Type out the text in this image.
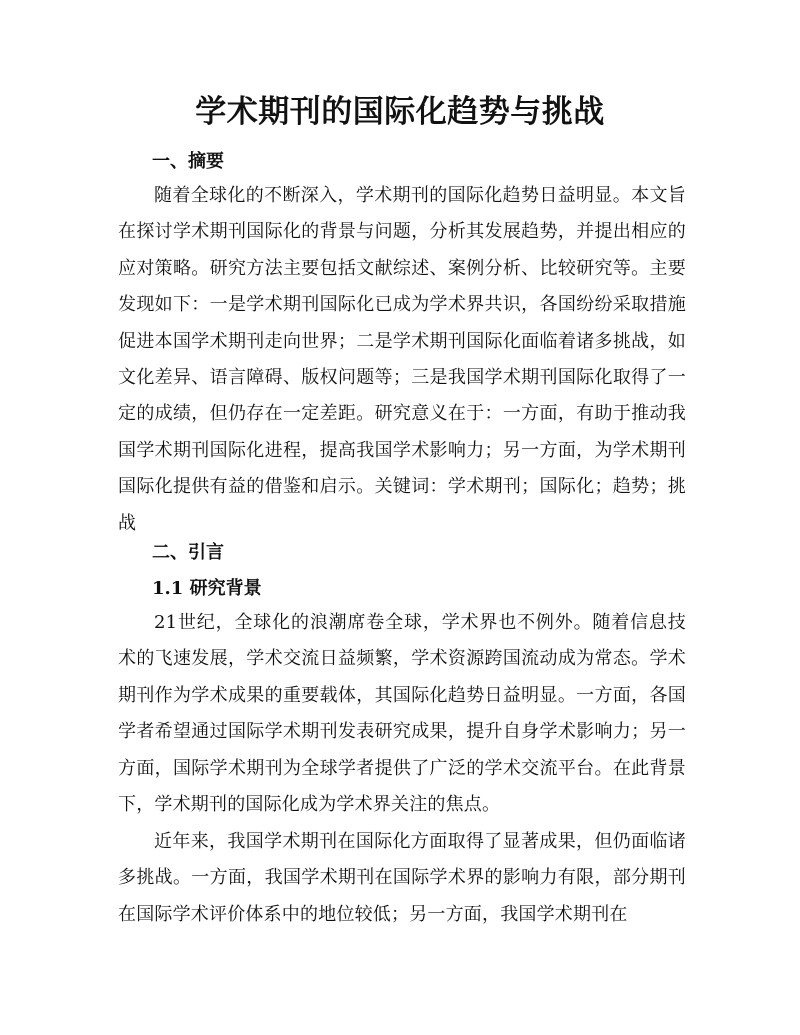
学术期刊的国际化趋势与挑战
一、摘要

随着全球化的不断深入，学术期刊的国际化趋势日益明显。本文旨在探讨学术期刊国际化的背景与问题，分析其发展趋势，并提出相应的应对策略。研究方法主要包括文献综述、案例分析、比较研究等。主要发现如下：一是学术期刊国际化已成为学术界共识，各国纷纷采取措施促进本国学术期刊走向世界；二是学术期刊国际化面临着诸多挑战，如文化差异、语言障碍、版权问题等；三是我国学术期刊国际化取得了一定的成绩，但仍存在一定差距。研究意义在于：一方面，有助于推动我国学术期刊国际化进程，提高我国学术影响力；另一方面，为学术期刊国际化提供有益的借鉴和启示。关键词：学术期刊；国际化；趋势；挑战

二、引言
1.1 研究背景

21世纪，全球化的浪潮席卷全球，学术界也不例外。随着信息技术的飞速发展，学术交流日益频繁，学术资源跨国流动成为常态。学术期刊作为学术成果的重要载体，其国际化趋势日益明显。一方面，各国学者希望通过国际学术期刊发表研究成果，提升自身学术影响力；另一方面，国际学术期刊为全球学者提供了广泛的学术交流平台。在此背景下，学术期刊的国际化成为学术界关注的焦点。

近年来，我国学术期刊在国际化方面取得了显著成果，但仍面临诸多挑战。一方面，我国学术期刊在国际学术界的影响力有限，部分期刊在国际学术评价体系中的地位较低；另一方面，我国学术期刊在
